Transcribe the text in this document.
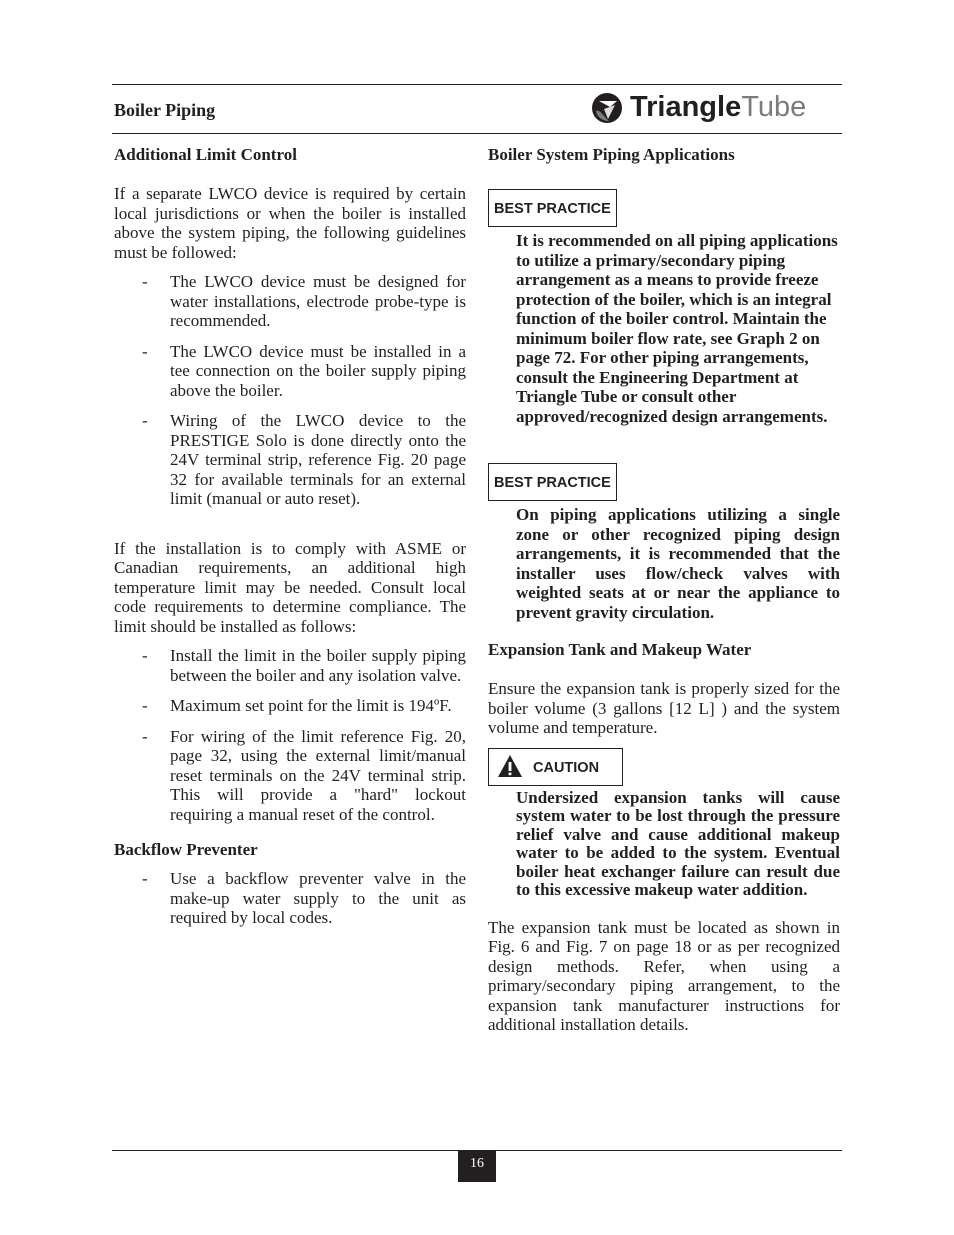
Boiler Piping	TriangleTube
Additional Limit Control

If a separate LWCO device is required by certain local jurisdictions or when the boiler is installed above the system piping, the following guidelines must be followed:

- The LWCO device must be designed for water installations, electrode probe-type is recommended.
- The LWCO device must be installed in a tee connection on the boiler supply piping above the boiler.
- Wiring of the LWCO device to the PRESTIGE Solo is done directly onto the 24V terminal strip, reference Fig. 20 page 32 for available terminals for an external limit (manual or auto reset).

If the installation is to comply with ASME or Canadian requirements, an additional high temperature limit may be needed. Consult local code requirements to determine compliance. The limit should be installed as follows:

- Install the limit in the boiler supply piping between the boiler and any isolation valve.
- Maximum set point for the limit is 194ºF.
- For wiring of the limit reference Fig. 20, page 32, using the external limit/manual reset terminals on the 24V terminal strip. This will provide a "hard" lockout requiring a manual reset of the control.
Backflow Preventer
- Use a backflow preventer valve in the make-up water supply to the unit as required by local codes.
Boiler System Piping Applications
BEST PRACTICE

It is recommended on all piping applications to utilize a primary/secondary piping arrangement as a means to provide freeze protection of the boiler, which is an integral function of the boiler control. Maintain the minimum boiler flow rate, see Graph 2 on page 72. For other piping arrangements, consult the Engineering Department at Triangle Tube or consult other approved/recognized design arrangements.

BEST PRACTICE

On piping applications utilizing a single zone or other recognized piping design arrangements, it is recommended that the installer uses flow/check valves with weighted seats at or near the appliance to prevent gravity circulation.

Expansion Tank and Makeup Water

Ensure the expansion tank is properly sized for the boiler volume (3 gallons [12 L] ) and the system volume and temperature.

CAUTION

Undersized expansion tanks will cause system water to be lost through the pressure relief valve and cause additional makeup water to be added to the system. Eventual boiler heat exchanger failure can result due to this excessive makeup water addition.

The expansion tank must be located as shown in Fig. 6 and Fig. 7 on page 18 or as per recognized design methods. Refer, when using a primary/secondary piping arrangement, to the expansion tank manufacturer instructions for additional installation details.

16
